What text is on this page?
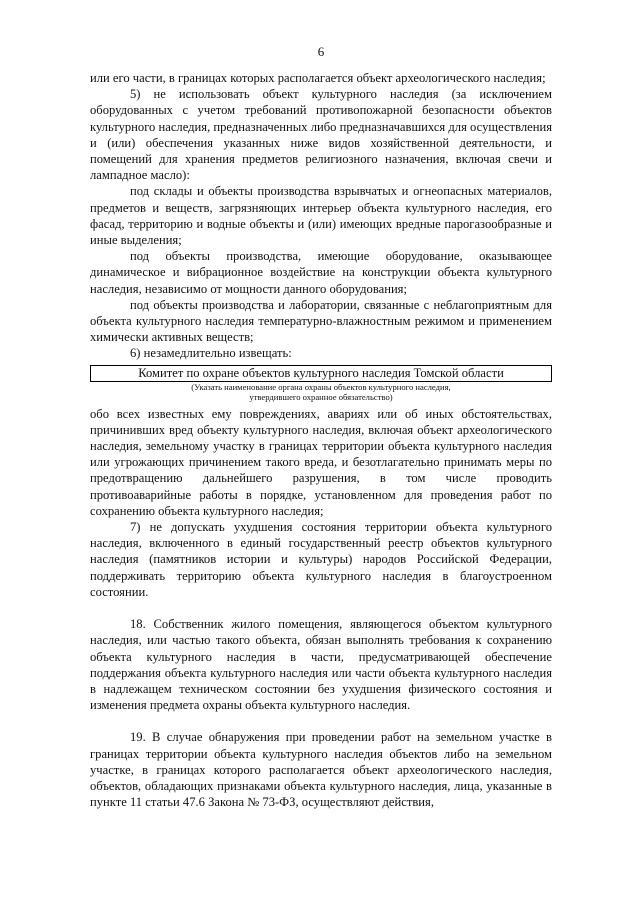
6

или его части, в границах которых располагается объект археологического наследия;

5) не использовать объект культурного наследия (за исключением оборудованных с учетом требований противопожарной безопасности объектов культурного наследия, предназначенных либо предназначавшихся для осуществления и (или) обеспечения указанных ниже видов хозяйственной деятельности, и помещений для хранения предметов религиозного назначения, включая свечи и лампадное масло):

под склады и объекты производства взрывчатых и огнеопасных материалов, предметов и веществ, загрязняющих интерьер объекта культурного наследия, его фасад, территорию и водные объекты и (или) имеющих вредные парогазообразные и иные выделения;

под объекты производства, имеющие оборудование, оказывающее динамическое и вибрационное воздействие на конструкции объекта культурного наследия, независимо от мощности данного оборудования;

под объекты производства и лаборатории, связанные с неблагоприятным для объекта культурного наследия температурно-влажностным режимом и применением химически активных веществ;

6) незамедлительно извещать:

Комитет по охране объектов культурного наследия Томской области
(Указать наименование органа охраны объектов культурного наследия,
утвердившего охранное обязательство)

обо всех известных ему повреждениях, авариях или об иных обстоятельствах, причинивших вред объекту культурного наследия, включая объект археологического наследия, земельному участку в границах территории объекта культурного наследия или угрожающих причинением такого вреда, и безотлагательно принимать меры по предотвращению дальнейшего разрушения, в том числе проводить противоаварийные работы в порядке, установленном для проведения работ по сохранению объекта культурного наследия;

7) не допускать ухудшения состояния территории объекта культурного наследия, включенного в единый государственный реестр объектов культурного наследия (памятников истории и культуры) народов Российской Федерации, поддерживать территорию объекта культурного наследия в благоустроенном состоянии.

18. Собственник жилого помещения, являющегося объектом культурного наследия, или частью такого объекта, обязан выполнять требования к сохранению объекта культурного наследия в части, предусматривающей обеспечение поддержания объекта культурного наследия или части объекта культурного наследия в надлежащем техническом состоянии без ухудшения физического состояния и изменения предмета охраны объекта культурного наследия.

19. В случае обнаружения при проведении работ на земельном участке в границах территории объекта культурного наследия объектов либо на земельном участке, в границах которого располагается объект археологического наследия, объектов, обладающих признаками объекта культурного наследия, лица, указанные в пункте 11 статьи 47.6 Закона № 73-ФЗ, осуществляют действия,
